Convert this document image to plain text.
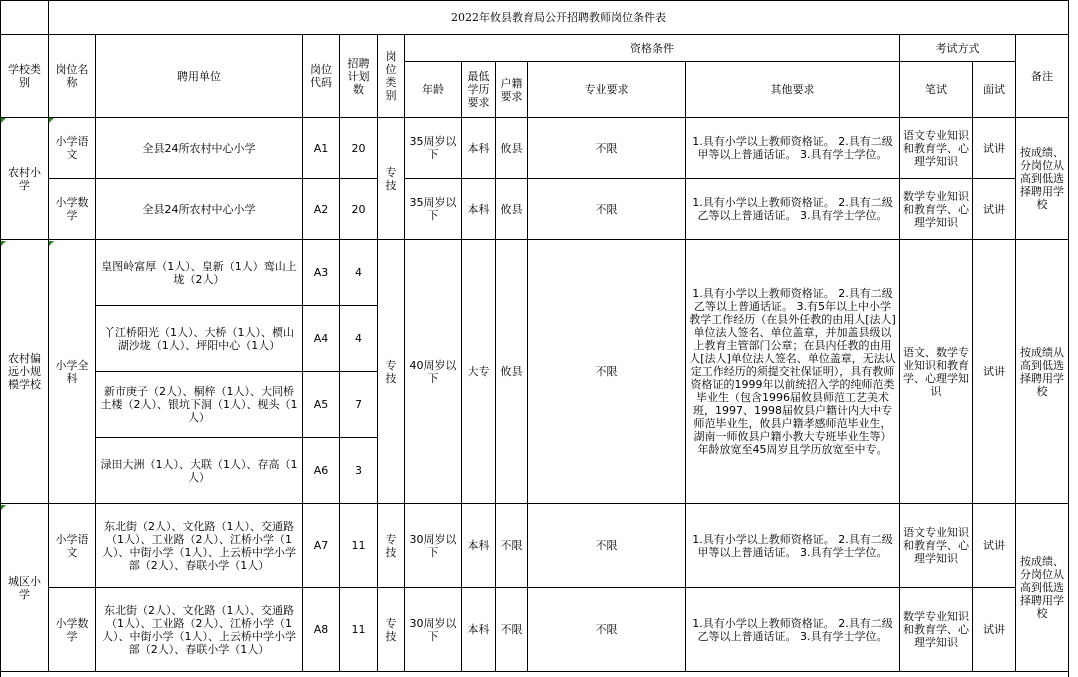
	2022年攸县教育局公开招聘教师岗位条件表												
学校类别	岗位名称	聘用单位	岗位代码	招聘计划数	岗位类别	资格条件					考试方式		备注
						年龄	最低学历要求	户籍要求	专业要求	其他要求	笔试	面试	
农村小学	小学语文	全县24所农村中心小学	A1	20	专技	35周岁以下	本科	攸县	不限	1.具有小学以上教师资格证。 2.具有二级甲等以上普通话证。 3.具有学士学位。	语文专业知识和教育学、心理学知识	试讲	按成绩、分岗位从高到低选择聘用学校
	小学数学	全县24所农村中心小学	A2	20		35周岁以下	本科	攸县	不限	1.具有小学以上教师资格证。 2.具有二级乙等以上普通话证。 3.具有学士学位。	数学专业知识和教育学、心理学知识	试讲	
农村偏远小规模学校	小学全科	皇图岭富厚（1人）、皇新（1人）鸾山上垅（2人）	A3	4	专技	40周岁以下	大专	攸县	不限	1.具有小学以上教师资格证。 2.具有二级乙等以上普通话证。 3.有5年以上中小学教学工作经历（在县外任教的由用人[法人]单位法人签名、单位盖章，并加盖县级以上教育主管部门公章；在县内任教的由用人[法人]单位法人签名、单位盖章，无法认定工作经历的须提交社保证明），具有教师资格证的1999年以前统招入学的纯师范类毕业生（包含1996届攸县师范工艺美术班，1997、1998届攸县户籍计内大中专师范毕业生，攸县户籍孝感师范毕业生，湖南一师攸县户籍小教大专班毕业生等）年龄放宽至45周岁且学历放宽至中专。	语文、数学专业知识和教育学、心理学知识	试讲	按成绩从高到低选择聘用学校
		丫江桥阳光（1人）、大桥（1人）、槚山湖沙垅（1人）、坪阳中心（1人）	A4	4									
		新市庚子（2人）、桐梓（1人）、大同桥土楼（2人）、银坑下洞（1人）、枧头（1人）	A5	7									
		渌田大洲（1人）、大联（1人）、存高（1人）	A6	3									
城区小学	小学语文	东北街（2人）、文化路（1人）、交通路（1人）、工业路（2人）、江桥小学（1人）、中街小学（1人）、上云桥中学小学部（2人）、春联小学（1人）	A7	11	专技	30周岁以下	本科	不限	不限	1.具有小学以上教师资格证。 2.具有二级甲等以上普通话证。 3.具有学士学位。	语文专业知识和教育学、心理学知识	试讲	按成绩、分岗位从高到低选择聘用学校
	小学数学	东北街（2人）、文化路（1人）、交通路（1人）、工业路（2人）、江桥小学（1人）、中街小学（1人）、上云桥中学小学部（2人）、春联小学（1人）	A8	11	专技	30周岁以下	本科	不限	不限	1.具有小学以上教师资格证。 2.具有二级乙等以上普通话证。 3.具有学士学位。	数学专业知识和教育学、心理学知识	试讲	
